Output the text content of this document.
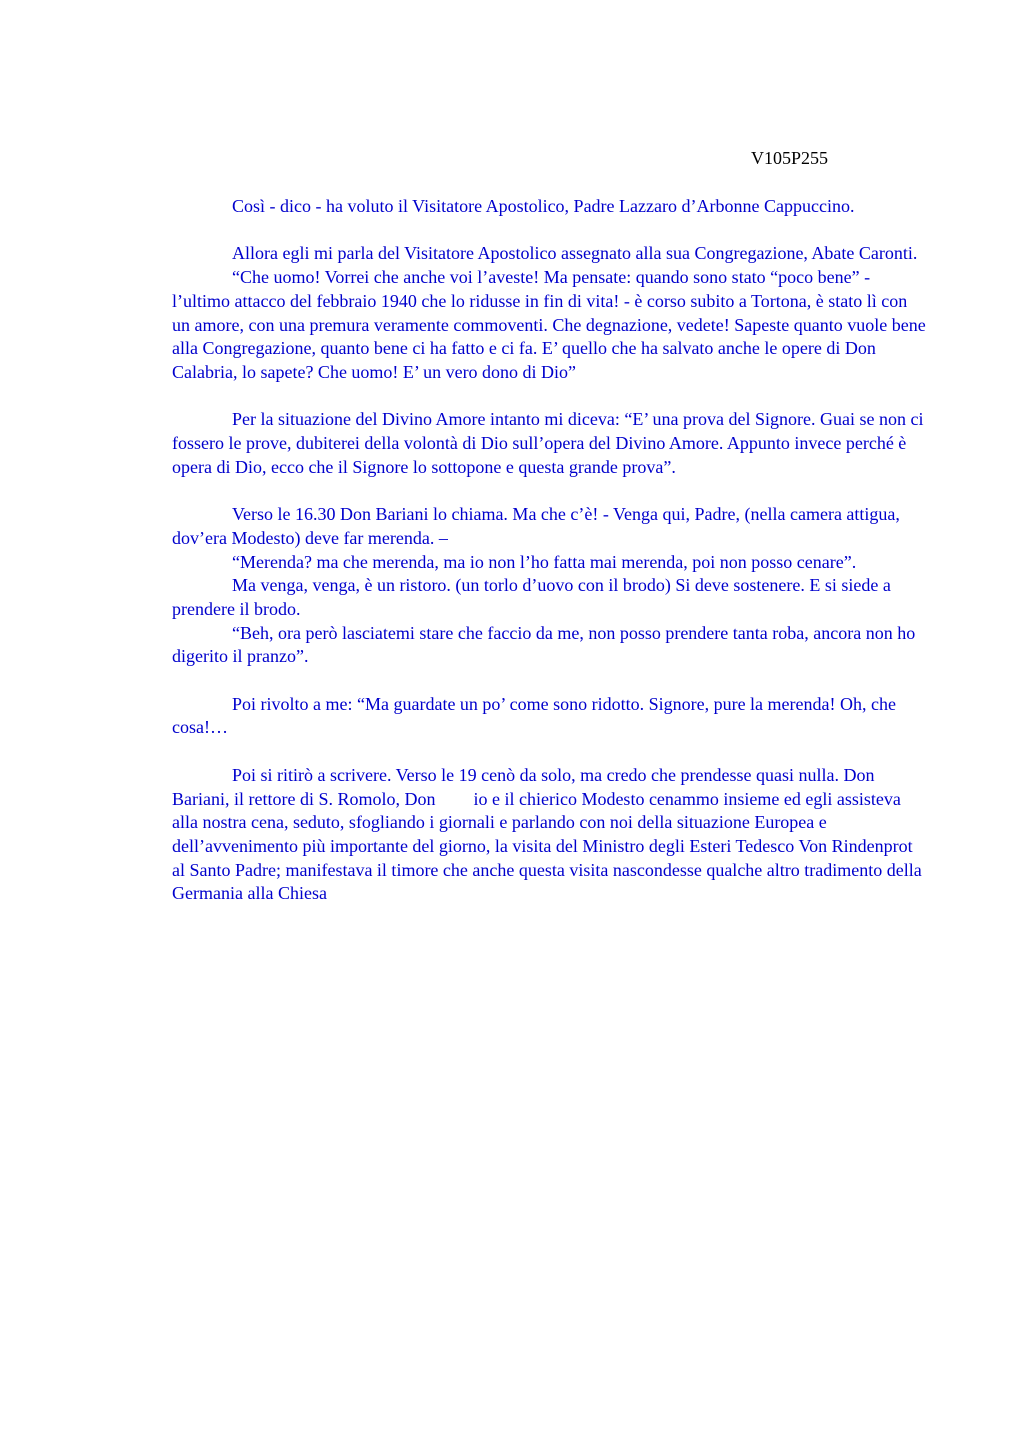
V105P255

Così - dico - ha voluto il Visitatore Apostolico, Padre Lazzaro d’Arbonne Cappuccino.

Allora egli mi parla del Visitatore Apostolico assegnato alla sua Congregazione, Abate Caronti.

“Che uomo! Vorrei che anche voi l’aveste! Ma pensate: quando sono stato “poco bene” - l’ultimo attacco del febbraio 1940 che lo ridusse in fin di vita! - è corso subito a Tortona, è stato lì con un amore, con una premura veramente commoventi. Che degnazione, vedete! Sapeste quanto vuole bene alla Congregazione, quanto bene ci ha fatto e ci fa. E’ quello che ha salvato anche le opere di Don Calabria, lo sapete? Che uomo! E’ un vero dono di Dio”

Per la situazione del Divino Amore intanto mi diceva: “E’ una prova del Signore. Guai se non ci fossero le prove, dubiterei della volontà di Dio sull’opera del Divino Amore. Appunto invece perché è opera di Dio, ecco che il Signore lo sottopone e questa grande prova”.

Verso le 16.30 Don Bariani lo chiama. Ma che c’è! - Venga qui, Padre, (nella camera attigua, dov’era Modesto) deve far merenda. –

“Merenda? ma che merenda, ma io non l’ho fatta mai merenda, poi non posso cenare”.

Ma venga, venga, è un ristoro. (un torlo d’uovo con il brodo) Si deve sostenere. E si siede a prendere il brodo.

“Beh, ora però lasciatemi stare che faccio da me, non posso prendere tanta roba, ancora non ho digerito il pranzo”.

Poi rivolto a me: “Ma guardate un po’ come sono ridotto. Signore, pure la merenda! Oh, che cosa!…

Poi si ritirò a scrivere. Verso le 19 cenò da solo, ma credo che prendesse quasi nulla. Don Bariani, il rettore di S. Romolo, Don io e il chierico Modesto cenammo insieme ed egli assisteva alla nostra cena, seduto, sfogliando i giornali e parlando con noi della situazione Europea e dell’avvenimento più importante del giorno, la visita del Ministro degli Esteri Tedesco Von Rindenprot al Santo Padre; manifestava il timore che anche questa visita nascondesse qualche altro tradimento della Germania alla Chiesa
